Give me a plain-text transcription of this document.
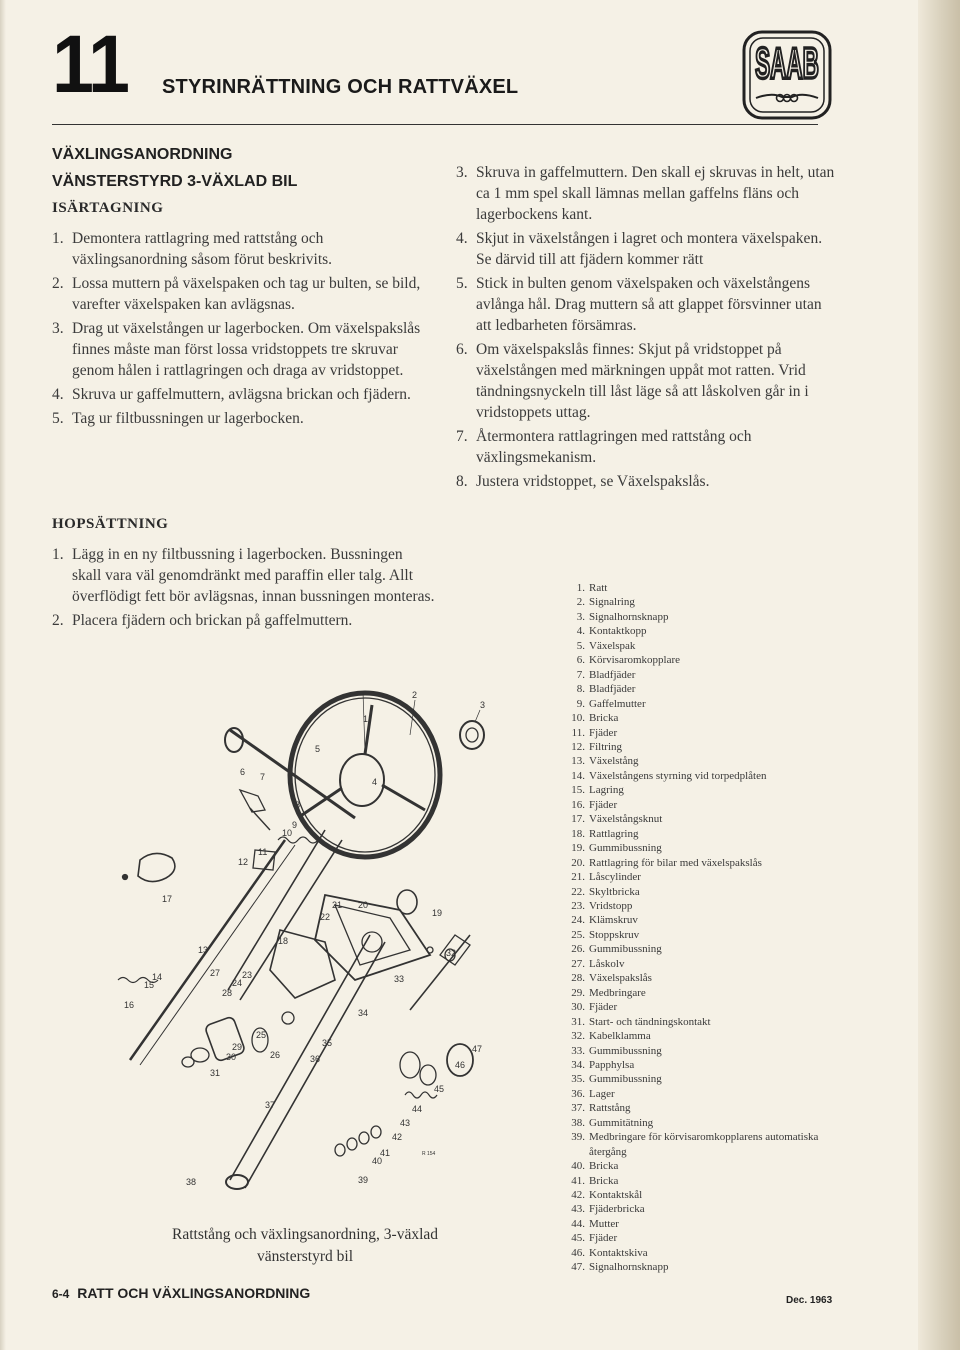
11 STYRINRÄTTNING OCH RATTVÄXEL	SAAB
VÄXLINGSANORDNING
VÄNSTERSTYRD 3-VÄXLAD BIL
ISÄRTAGNING
1. Demontera rattlagring med rattstång och växlingsanordning såsom förut beskrivits.
2. Lossa muttern på växelspaken och tag ur bulten, se bild, varefter växelspaken kan avlägsnas.
3. Drag ut växelstången ur lagerbocken. Om växelspakslås finnes måste man först lossa vridstoppets tre skruvar genom hålen i rattlagringen och draga av vridstoppet.
4. Skruva ur gaffelmuttern, avlägsna brickan och fjädern.
5. Tag ur filtbussningen ur lagerbocken.
3. Skruva in gaffelmuttern. Den skall ej skruvas in helt, utan ca 1 mm spel skall lämnas mellan gaffelns fläns och lagerbockens kant.
4. Skjut in växelstången i lagret och montera växelspaken. Se därvid till att fjädern kommer rätt
5. Stick in bulten genom växelspaken och växelstångens avlånga hål. Drag muttern så att glappet försvinner utan att ledbarheten försämras.
6. Om växelspakslås finnes: Skjut på vridstoppet på växelstången med märkningen uppåt mot ratten. Vrid tändningsnyckeln till låst läge så att låskolven går in i vridstoppets uttag.
7. Återmontera rattlagringen med rattstång och växlingsmekanism.
8. Justera vridstoppet, se Växelspakslås.
HOPSÄTTNING
1. Lägg in en ny filtbussning i lagerbocken. Bussningen skall vara väl genomdränkt med paraffin eller talg. Allt överflödigt fett bör avlägsnas, innan bussningen monteras.
2. Placera fjädern och brickan på gaffelmuttern.
1
2
3
4
5
6 7
8
9
10
11
12
13
14
15
16
17
18
19
20
21
22
23
24
25
26
27
28
29
30
31
32
33
34
35
36
37
38	39
40
41
42
43
44
45
46
47
R 154
Rattstång och växlingsanordning, 3-växlad
vänsterstyrd bil
1. Ratt
2. Signalring
3. Signalhornsknapp
4. Kontaktkopp
5. Växelspak
6. Körvisaromkopplare
7. Bladfjäder
8. Bladfjäder
9. Gaffelmutter
10. Bricka
11. Fjäder
12. Filtring
13. Växelstång
14. Växelstångens styrning vid torpedplåten
15. Lagring
16. Fjäder
17. Växelstångsknut
18. Rattlagring
19. Gummibussning
20. Rattlagring för bilar med växelspakslås
21. Låscylinder
22. Skyltbricka
23. Vridstopp
24. Klämskruv
25. Stoppskruv
26. Gummibussning
27. Låskolv
28. Växelspakslås
29. Medbringare
30. Fjäder
31. Start- och tändningskontakt
32. Kabelklamma
33. Gummibussning
34. Papphylsa
35. Gummibussning
36. Lager
37. Rattstång
38. Gummitätning
39. Medbringare för körvisaromkopplarens automatiska återgång
40. Bricka
41. Bricka
42. Kontaktskål
43. Fjäderbricka
44. Mutter
45. Fjäder
46. Kontaktskiva
47. Signalhornsknapp
6-4 RATT OCH VÄXLINGSANORDNING	Dec. 1963
